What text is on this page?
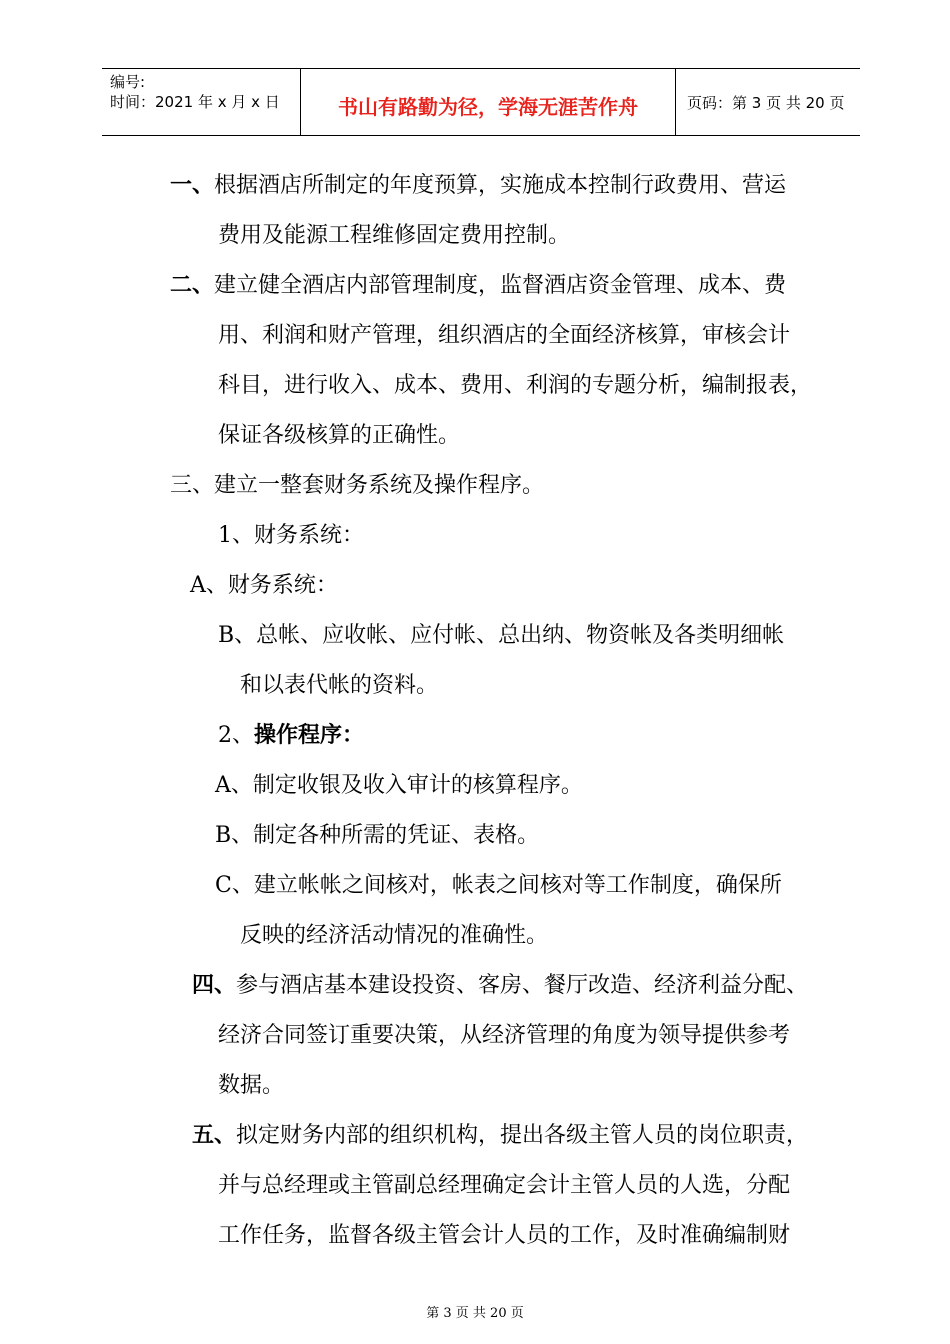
编号:
时间：2021 年 x 月 x 日	书山有路勤为径，学海无涯苦作舟	页码：第 3 页 共 20 页
一、根据酒店所制定的年度预算，实施成本控制行政费用、营运
费用及能源工程维修固定费用控制。
二、建立健全酒店内部管理制度，监督酒店资金管理、成本、费
用、利润和财产管理，组织酒店的全面经济核算，审核会计
科目，进行收入、成本、费用、利润的专题分析，编制报表，
保证各级核算的正确性。
三、建立一整套财务系统及操作程序。
1、财务系统：
A、财务系统：
B、总帐、应收帐、应付帐、总出纳、物资帐及各类明细帐
和以表代帐的资料。
2、操作程序：
A、制定收银及收入审计的核算程序。
B、制定各种所需的凭证、表格。
C、建立帐帐之间核对，帐表之间核对等工作制度，确保所
反映的经济活动情况的准确性。
四、参与酒店基本建设投资、客房、餐厅改造、经济利益分配、
经济合同签订重要决策，从经济管理的角度为领导提供参考
数据。
五、拟定财务内部的组织机构，提出各级主管人员的岗位职责，
并与总经理或主管副总经理确定会计主管人员的人选，分配
工作任务，监督各级主管会计人员的工作，及时准确编制财
第 3 页 共 20 页
